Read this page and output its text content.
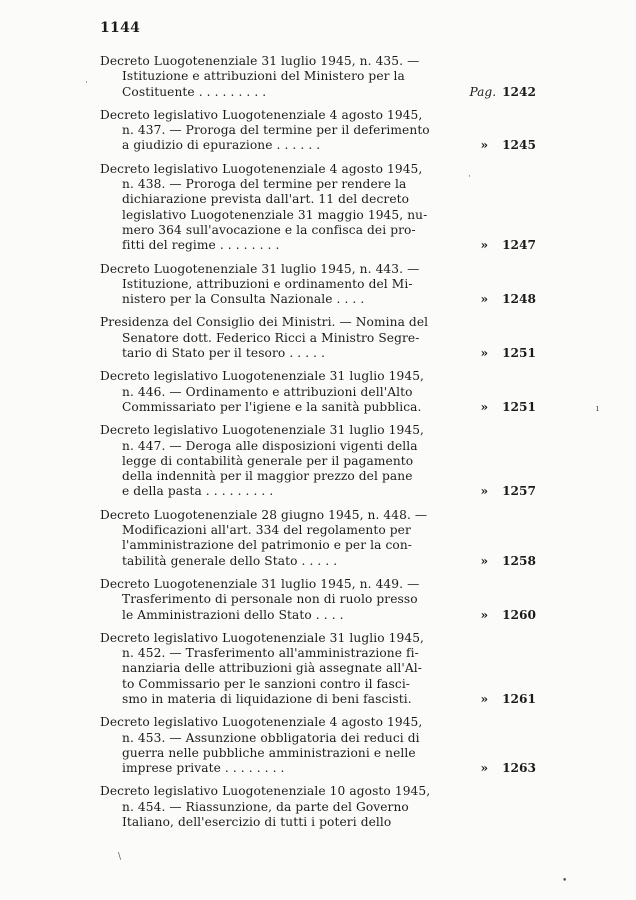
1144
Decreto Luogotenenziale 31 luglio 1945, n. 435. —
Istituzione e attribuzioni del Ministero per la
Costituente . . . . . . . . .	Pag. 1242
Decreto legislativo Luogotenenziale 4 agosto 1945,
n. 437. — Proroga del termine per il deferimento
a giudizio di epurazione . . . . . .	» 1245
Decreto legislativo Luogotenenziale 4 agosto 1945,
n. 438. — Proroga del termine per rendere la
dichiarazione prevista dall'art. 11 del decreto
legislativo Luogotenenziale 31 maggio 1945, nu-
mero 364 sull'avocazione e la confisca dei pro-
fitti del regime . . . . . . . .	» 1247
Decreto Luogotenenziale 31 luglio 1945, n. 443. —
Istituzione, attribuzioni e ordinamento del Mi-
nistero per la Consulta Nazionale . . . .	» 1248
Presidenza del Consiglio dei Ministri. — Nomina del
Senatore dott. Federico Ricci a Ministro Segre-
tario di Stato per il tesoro . . . . .	» 1251
Decreto legislativo Luogotenenziale 31 luglio 1945,
n. 446. — Ordinamento e attribuzioni dell'Alto
Commissariato per l'igiene e la sanità pubblica.	» 1251
Decreto legislativo Luogotenenziale 31 luglio 1945,
n. 447. — Deroga alle disposizioni vigenti della
legge di contabilità generale per il pagamento
della indennità per il maggior prezzo del pane
e della pasta . . . . . . . . .	» 1257
Decreto Luogotenenziale 28 giugno 1945, n. 448. —
Modificazioni all'art. 334 del regolamento per
l'amministrazione del patrimonio e per la con-
tabilità generale dello Stato . . . . .	» 1258
Decreto Luogotenenziale 31 luglio 1945, n. 449. —
Trasferimento di personale non di ruolo presso
le Amministrazioni dello Stato . . . .	» 1260
Decreto legislativo Luogotenenziale 31 luglio 1945,
n. 452. — Trasferimento all'amministrazione fi-
nanziaria delle attribuzioni già assegnate all'Al-
to Commissario per le sanzioni contro il fasci-
smo in materia di liquidazione di beni fascisti.	» 1261
Decreto legislativo Luogotenenziale 4 agosto 1945,
n. 453. — Assunzione obbligatoria dei reduci di
guerra nelle pubbliche amministrazioni e nelle
imprese private . . . . . . . .	» 1263
Decreto legislativo Luogotenenziale 10 agosto 1945,
n. 454. — Riassunzione, da parte del Governo
Italiano, dell'esercizio di tutti i poteri dello
·
·
ı
\
•
